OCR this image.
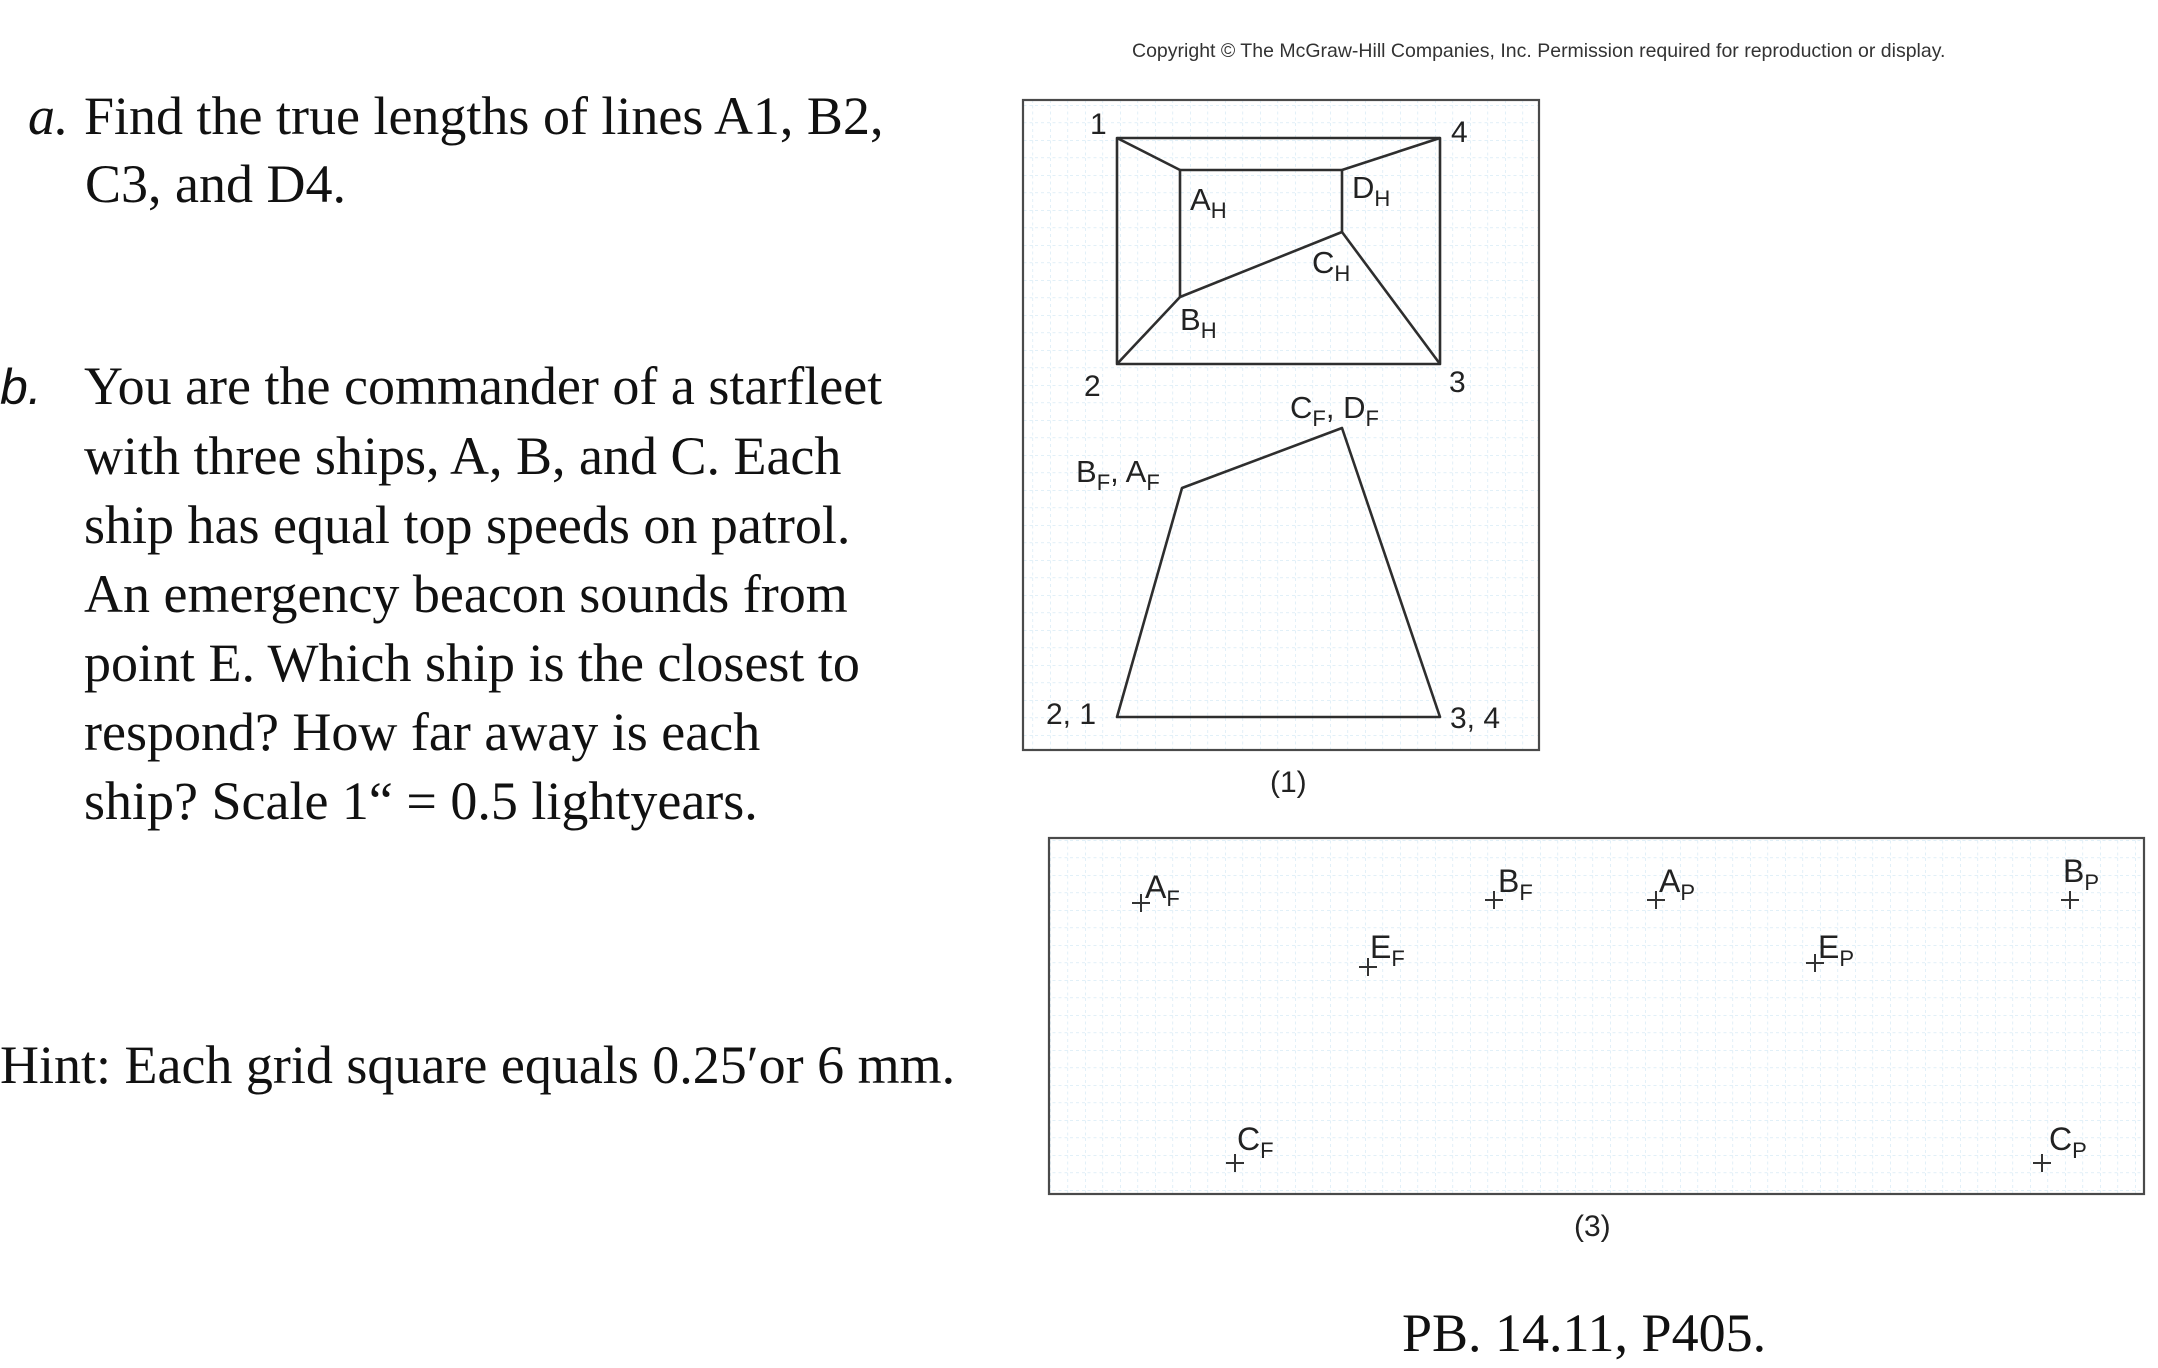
a. Find the true lengths of lines A1, B2,
C3, and D4.
b. You are the commander of a starfleet
with three ships, A, B, and C. Each
ship has equal top speeds on patrol.
An emergency beacon sounds from
point E. Which ship is the closest to
respond? How far away is each
ship? Scale 1“ = 0.5 lightyears.

Hint: Each grid square equals 0.25′or 6 mm.

Copyright © The McGraw-Hill Companies, Inc. Permission required for reproduction or display.

1	4
2	3
$A_H$
$D_H$
$C_H$
$B_H$
$C_F$, $D_F$
$B_F$, $A_F$
2, 1	3, 4
$A_F$
$E_F$
$B_F$	$A_P$
$E_P$
$B_P$
$C_F$	$C_P$

(1)

(3)

PB. 14.11, P405.
